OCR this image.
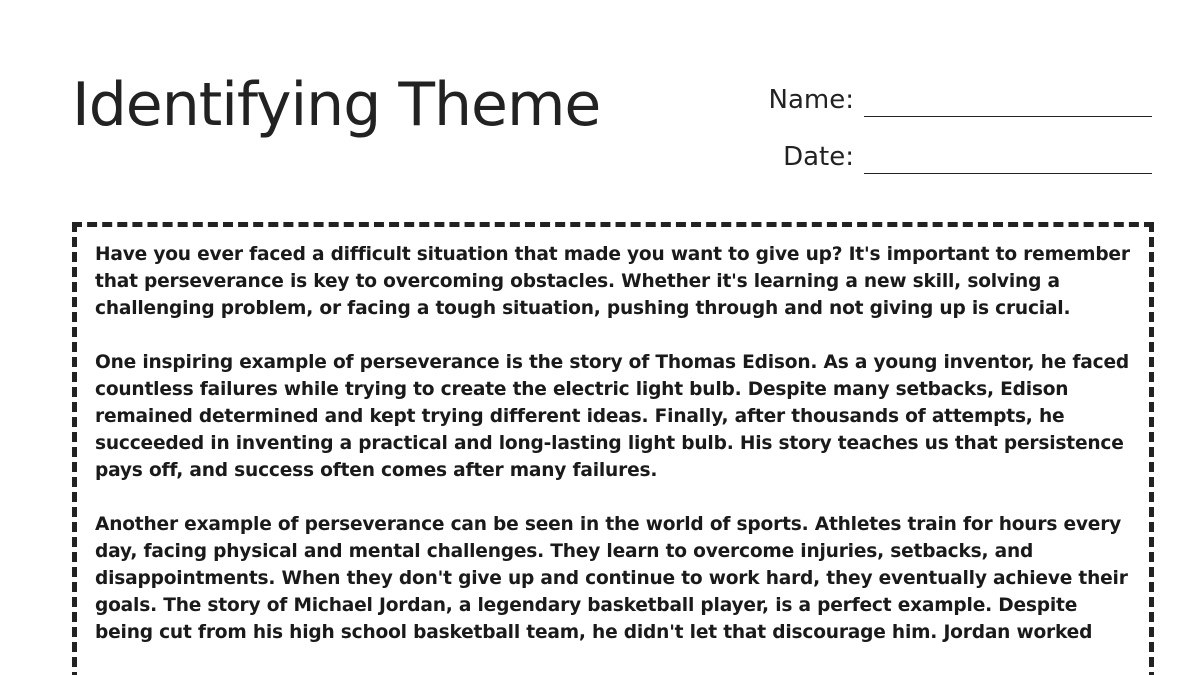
Identifying Theme	Name:
Date:

Have you ever faced a difficult situation that made you want to give up? It's important to remember that perseverance is key to overcoming obstacles. Whether it's learning a new skill, solving a challenging problem, or facing a tough situation, pushing through and not giving up is crucial.

One inspiring example of perseverance is the story of Thomas Edison. As a young inventor, he faced countless failures while trying to create the electric light bulb. Despite many setbacks, Edison remained determined and kept trying different ideas. Finally, after thousands of attempts, he succeeded in inventing a practical and long-lasting light bulb. His story teaches us that persistence pays off, and success often comes after many failures.

Another example of perseverance can be seen in the world of sports. Athletes train for hours every day, facing physical and mental challenges. They learn to overcome injuries, setbacks, and disappointments. When they don't give up and continue to work hard, they eventually achieve their goals. The story of Michael Jordan, a legendary basketball player, is a perfect example. Despite being cut from his high school basketball team, he didn't let that discourage him. Jordan worked
